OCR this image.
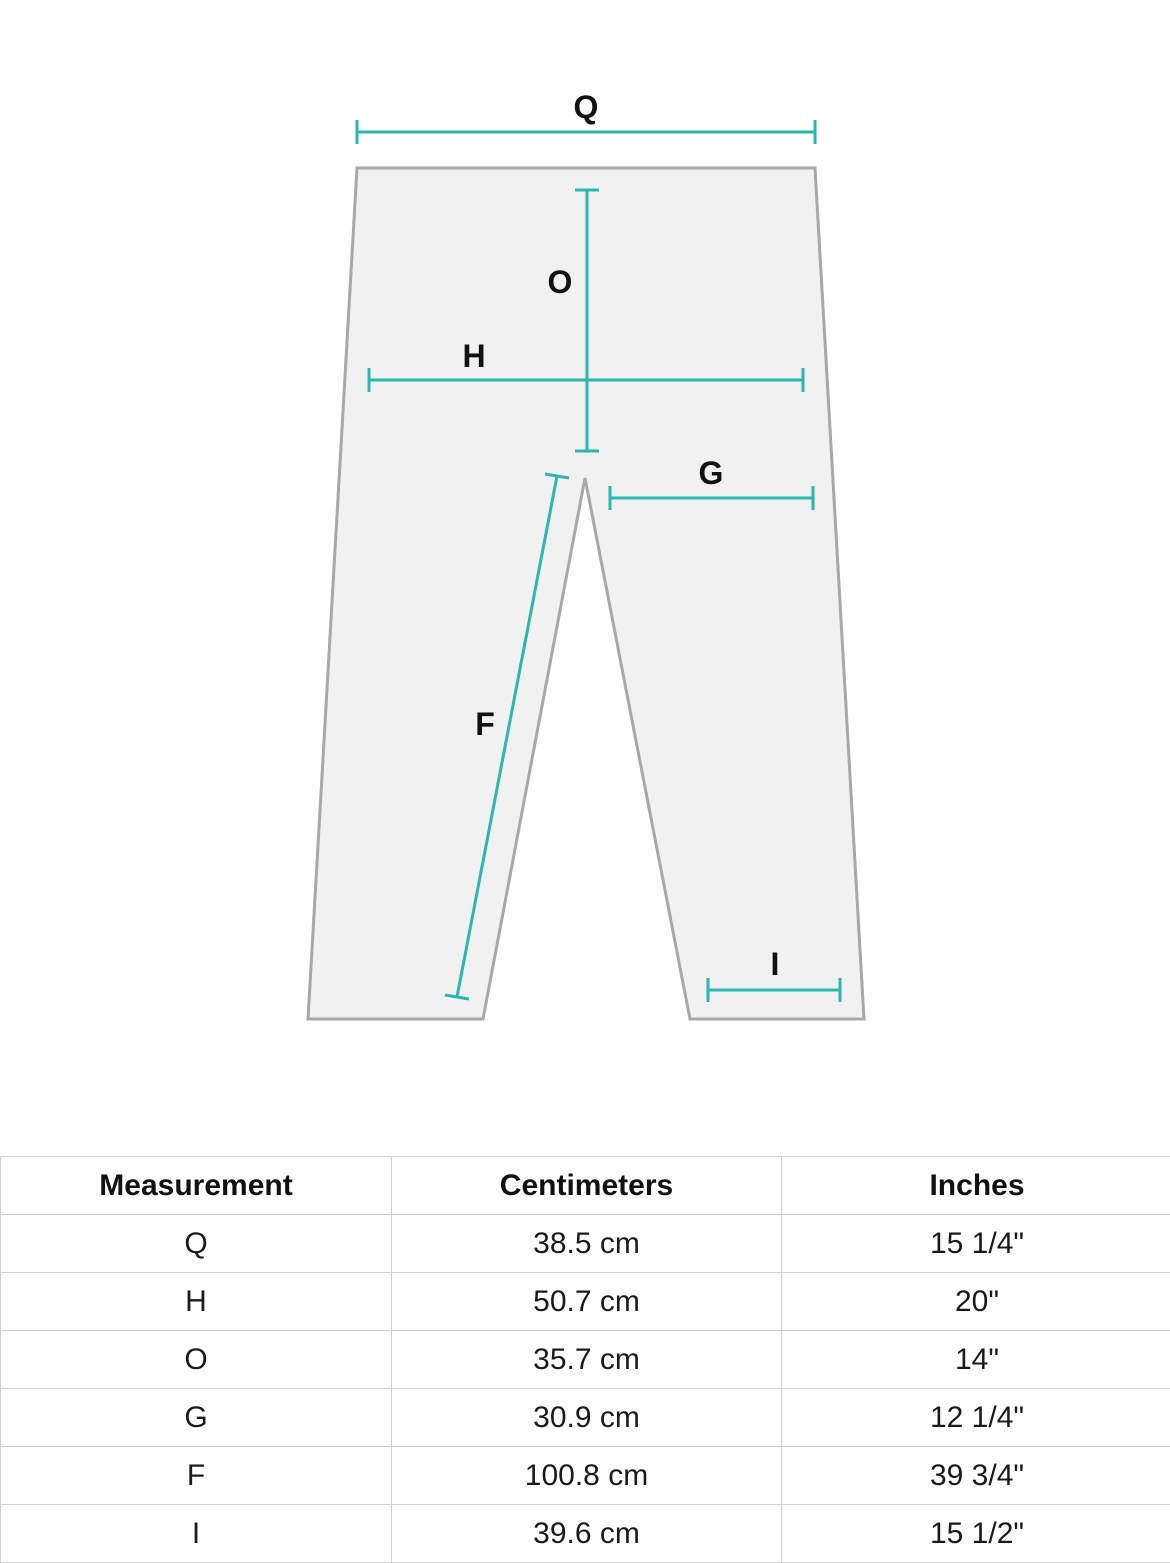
Q
O
H
G
F
I
Measurement	Centimeters	Inches
Q	38.5 cm	15 1/4"
H	50.7 cm	20"
O	35.7 cm	14"
G	30.9 cm	12 1/4"
F	100.8 cm	39 3/4"
I	39.6 cm	15 1/2"
